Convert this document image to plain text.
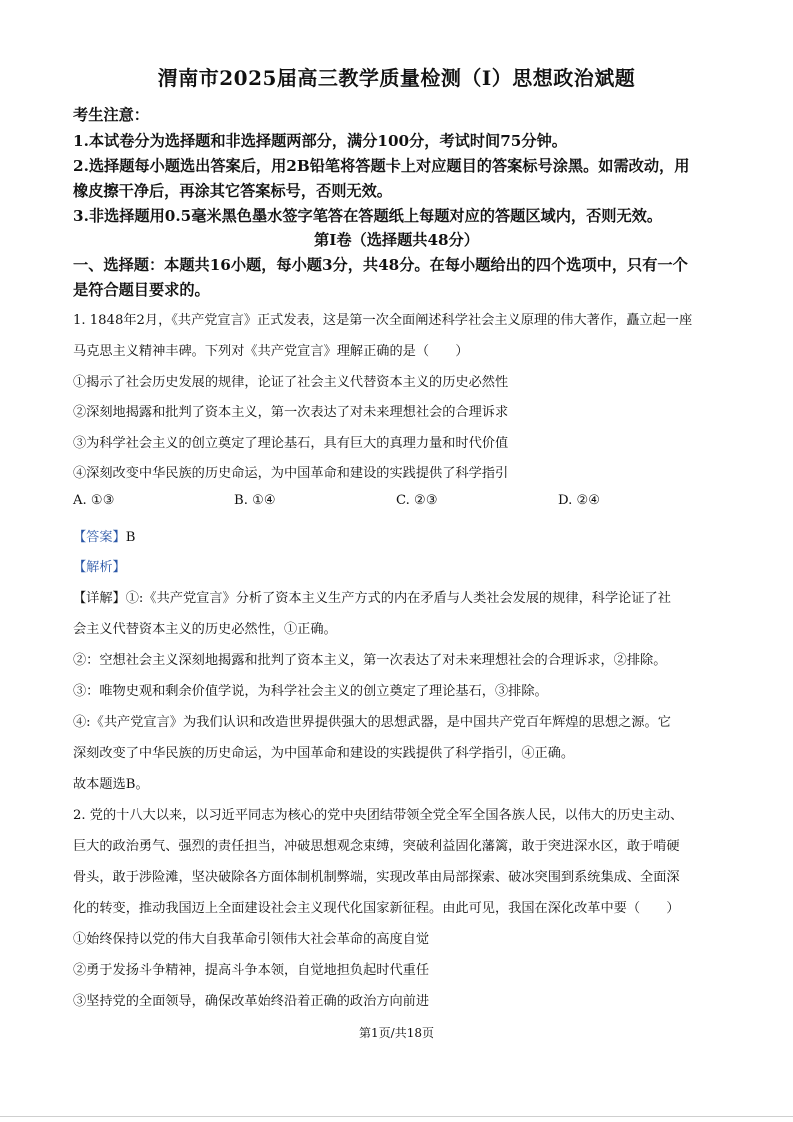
渭南市2025届高三教学质量检测（I）思想政治斌题
考生注意：
1.本试卷分为选择题和非选择题两部分，满分100分，考试时间75分钟。
2.选择题每小题选出答案后，用2B铅笔将答题卡上对应题目的答案标号涂黑。如需改动，用
橡皮擦干净后，再涂其它答案标号，否则无效。
3.非选择题用0.5毫米黑色墨水签字笔答在答题纸上每题对应的答题区域内，否则无效。
第Ⅰ卷（选择题共48分）
一、选择题：本题共16小题，每小题3分，共48分。在每小题给出的四个选项中，只有一个
是符合题目要求的。
1. 1848年2月，《共产党宣言》正式发表，这是第一次全面阐述科学社会主义原理的伟大著作，矗立起一座
马克思主义精神丰碑。下列对《共产党宣言》理解正确的是（　　）
①揭示了社会历史发展的规律，论证了社会主义代替资本主义的历史必然性
②深刻地揭露和批判了资本主义，第一次表达了对未来理想社会的合理诉求
③为科学社会主义的创立奠定了理论基石，具有巨大的真理力量和时代价值
④深刻改变中华民族的历史命运，为中国革命和建设的实践提供了科学指引
A. ①③	B. ①④	C. ②③	D. ②④
【答案】B
【解析】
【详解】①:《共产党宣言》分析了资本主义生产方式的内在矛盾与人类社会发展的规律，科学论证了社
会主义代替资本主义的历史必然性，①正确。
②：空想社会主义深刻地揭露和批判了资本主义，第一次表达了对未来理想社会的合理诉求，②排除。
③：唯物史观和剩余价值学说，为科学社会主义的创立奠定了理论基石，③排除。
④:《共产党宣言》为我们认识和改造世界提供强大的思想武器，是中国共产党百年辉煌的思想之源。它
深刻改变了中华民族的历史命运，为中国革命和建设的实践提供了科学指引，④正确。
故本题选B。
2. 党的十八大以来，以习近平同志为核心的党中央团结带领全党全军全国各族人民，以伟大的历史主动、
巨大的政治勇气、强烈的责任担当，冲破思想观念束缚，突破利益固化藩篱，敢于突进深水区，敢于啃硬
骨头，敢于涉险滩，坚决破除各方面体制机制弊端，实现改革由局部探索、破冰突围到系统集成、全面深
化的转变，推动我国迈上全面建设社会主义现代化国家新征程。由此可见，我国在深化改革中要（　　）
①始终保持以党的伟大自我革命引领伟大社会革命的高度自觉
②勇于发扬斗争精神，提高斗争本领，自觉地担负起时代重任
③坚持党的全面领导，确保改革始终沿着正确的政治方向前进
第1页/共18页
